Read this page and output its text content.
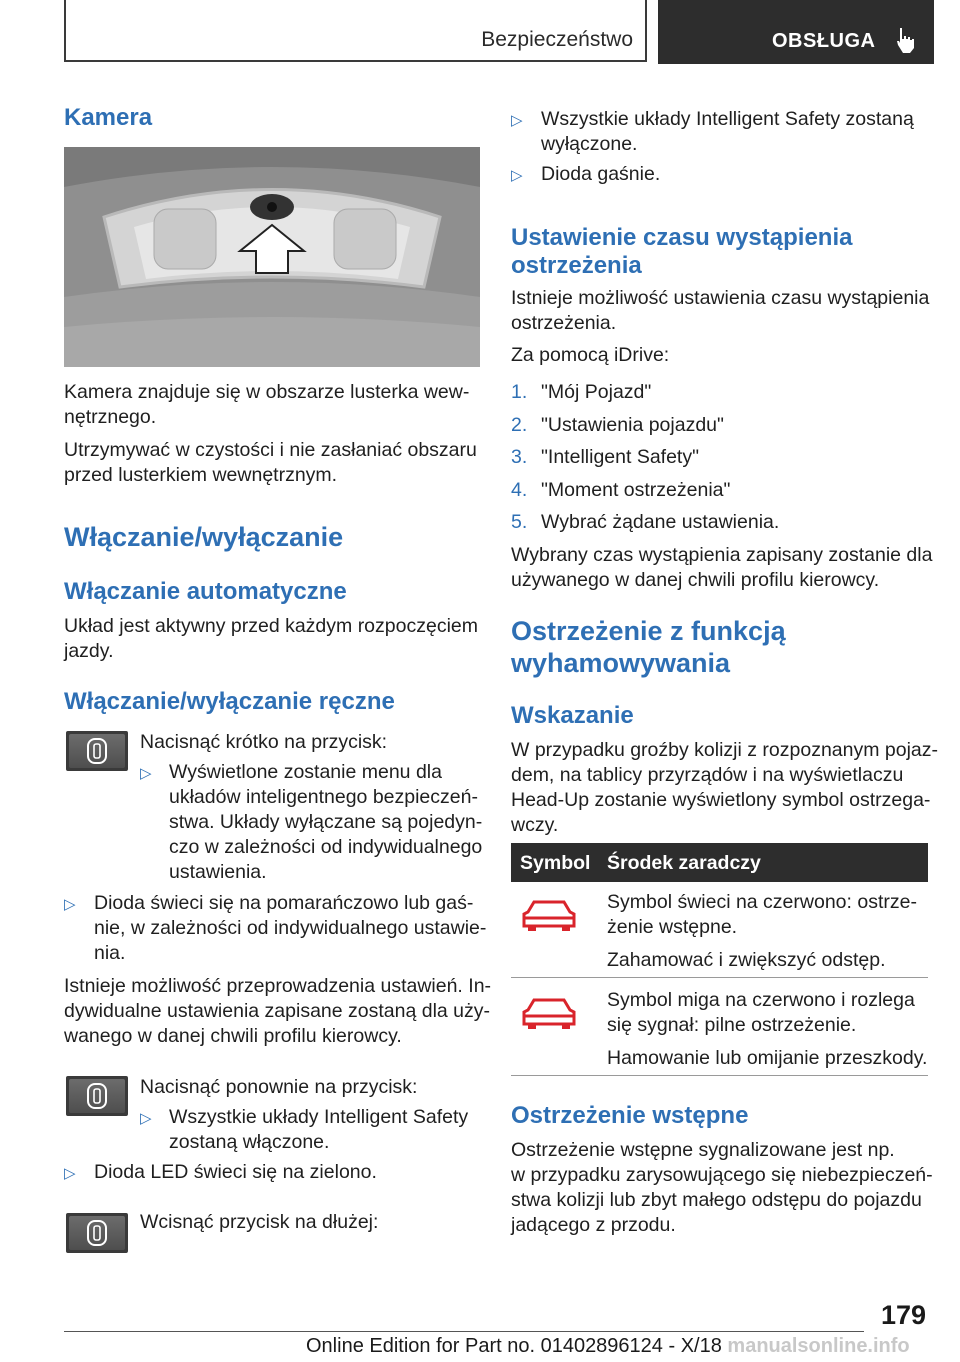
Bezpieczeństwo	OBSŁUGA
Kamera
Kamera znajduje się w obszarze lusterka wew‐
nętrznego.
Utrzymywać w czystości i nie zasłaniać obszaru
przed lusterkiem wewnętrznym.
Włączanie/wyłączanie
Włączanie automatyczne
Układ jest aktywny przed każdym rozpoczęciem
jazdy.
Włączanie/wyłączanie ręczne
Nacisnąć krótko na przycisk:
▷ Wyświetlone zostanie menu dla
układów inteligentnego bezpieczeń‐
stwa. Układy wyłączane są pojedyn‐
czo w zależności od indywidualnego
ustawienia.
▷ Dioda świeci się na pomarańczowo lub gaś‐
nie, w zależności od indywidualnego ustawie‐
nia.
Istnieje możliwość przeprowadzenia ustawień. In‐
dywidualne ustawienia zapisane zostaną dla uży‐
wanego w danej chwili profilu kierowcy.
Nacisnąć ponownie na przycisk:
▷ Wszystkie układy Intelligent Safety
zostaną włączone.
▷ Dioda LED świeci się na zielono.
Wcisnąć przycisk na dłużej:
▷ Wszystkie układy Intelligent Safety zostaną
wyłączone.
▷ Dioda gaśnie.
Ustawienie czasu wystąpienia
ostrzeżenia
Istnieje możliwość ustawienia czasu wystąpienia
ostrzeżenia.
Za pomocą iDrive:
1. "Mój Pojazd"
2. "Ustawienia pojazdu"
3. "Intelligent Safety"
4. "Moment ostrzeżenia"
5. Wybrać żądane ustawienia.
Wybrany czas wystąpienia zapisany zostanie dla
używanego w danej chwili profilu kierowcy.
Ostrzeżenie z funkcją
wyhamowywania
Wskazanie
W przypadku groźby kolizji z rozpoznanym pojaz‐
dem, na tablicy przyrządów i na wyświetlaczu
Head-Up zostanie wyświetlony symbol ostrzega‐
wczy.
Symbol Środek zaradczy
Symbol świeci na czerwono: ostrze‐
żenie wstępne.
Zahamować i zwiększyć odstęp.
Symbol miga na czerwono i rozlega
się sygnał: pilne ostrzeżenie.
Hamowanie lub omijanie przeszkody.
Ostrzeżenie wstępne
Ostrzeżenie wstępne sygnalizowane jest np.
w przypadku zarysowującego się niebezpieczeń‐
stwa kolizji lub zbyt małego odstępu do pojazdu
jadącego z przodu.
179
Online Edition for Part no. 01402896124 - X/18 manualsonline.info
